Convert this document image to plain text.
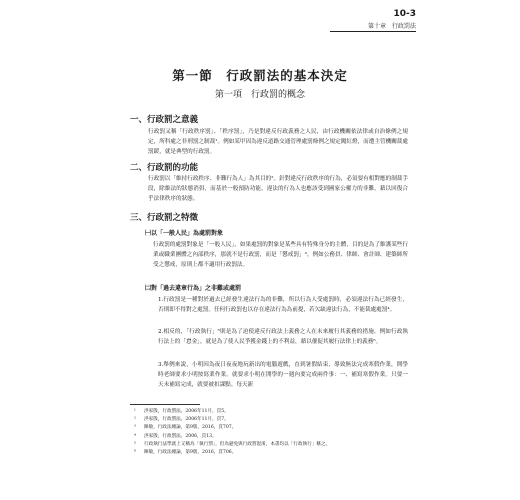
10-3
第十章　行政罰法
第一節　行政罰法的基本決定
第一項　行政罰的概念
一、行政罰之意義
行政罰又稱「行政秩序罰」、「秩序罰」，乃是對違反行政義務之人民，由行政機關依法律或自治條例之規定，所科處之非刑罰之制裁¹。例如某甲因為違反道路交通管理處罰條例之規定闖紅燈，而遭主管機關裁處罰鍰，就是典型的行政罰。
二、行政罰的功能
行政罰以「維持行政秩序、非難行為人」為其目的²。針對違反行政秩序的行為，必須要有相對應的制裁手段，除維法的狀態消弭，而基於一般預防功能，違法的行為人也應該受到國家公權力的非難，藉以回復合乎法律秩序的狀態。
三、行政罰之特徵
㈠以「一般人民」為處罰對象
行政罰的處罰對象是「一般人民」，如果處罰的對象是某些具有特殊身分的主體，目的是為了維護某些行業或職業團體之內部秩序，那就不是行政罰，而是「懲戒罰」³。例如公務員、律師、會計師、建築師所受之懲戒，原則上都不適用行政罰法。
㈡對「過去違章行為」之非難或處罰
1.行政罰是一種對於過去已經發生違法行為的非難，所以行為人受處罰時，必須違法行為已經發生，否則即不得對之處罰。任何行政罰也以存在違法行為為前提，若欠缺違法行為，不能裁處處罰⁴。
2.相反的，「行政執行」⁵則是為了迫使違反行政法上義務之人在未來履行其義務的措施。例如行政執行法上的「怠金」，就是為了使人民爭獲金錢上的不利益，藉以催促其履行法律上的義務⁶。
3.舉例來說，小明因為夜日夜夜地玩新出的電腦遊戲，直到暑假結束，導致無法完成寒假作業，開學時老師要求小明按寫業作業。就要求小明在開學的一週內要完成兩件事：一、補寫寒假作業。只要一天未補寫完成，就要被扣課點。每天新
¹ 洪家殷，行政罰法，2006年11月，頁5。
² 洪家殷，行政罰法，2006年11月，頁7。
³ 陳敏，行政法總論，第9版，2016，頁707。
⁴ 洪家殷，行政罰法，2006，頁13。
⁵ 行政執行法學就上又稱為「執行罰」，但為避免與行政罰混淆，本書均以「行政執行」稱之。
⁶ 陳敏，行政法總論，第9版，2016，頁706。
